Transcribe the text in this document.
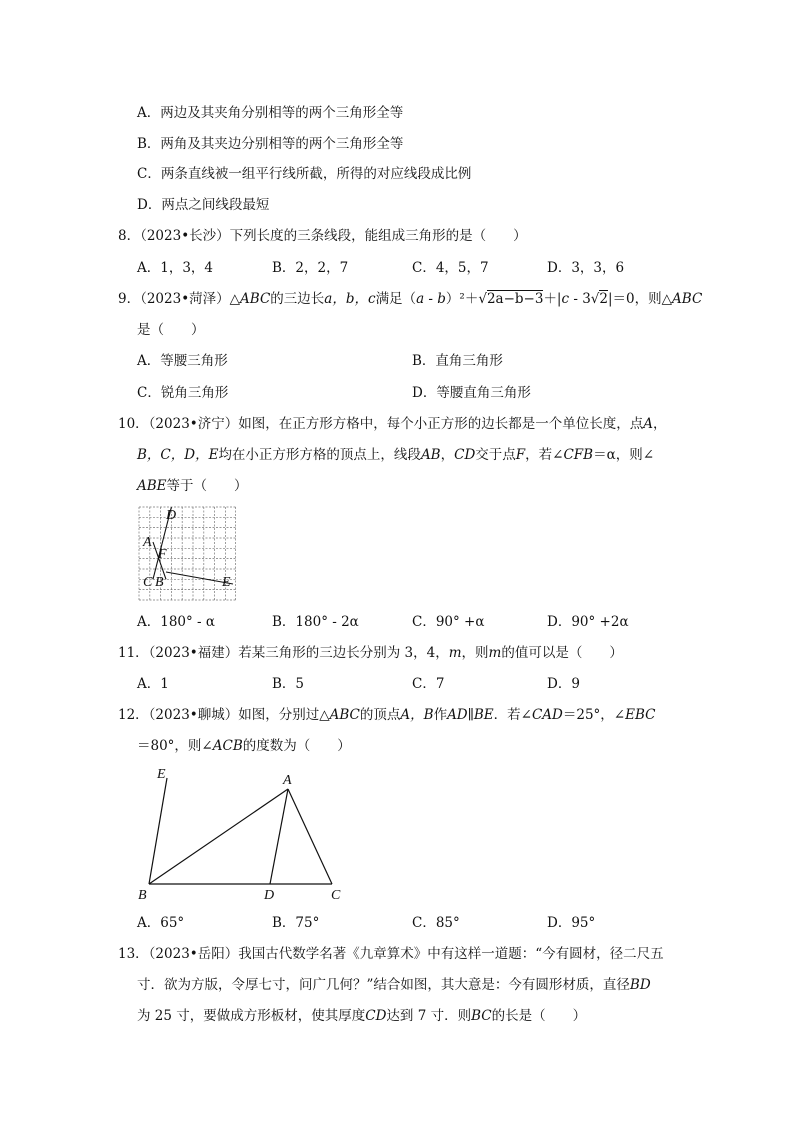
A．两边及其夹角分别相等的两个三角形全等
B．两角及其夹边分别相等的两个三角形全等
C．两条直线被一组平行线所截，所得的对应线段成比例
D．两点之间线段最短
8．（2023•长沙）下列长度的三条线段，能组成三角形的是（　　）
A．1，3，4	B．2，2，7	C．4，5，7	D．3，3，6
9．（2023•菏泽）△ABC的三边长a，b，c满足（a - b）²＋√2a−b−3＋|c - 3√2|＝0，则△ABC
是（　　）
A．等腰三角形	B．直角三角形
C．锐角三角形	D．等腰直角三角形
10．（2023•济宁）如图，在正方形方格中，每个小正方形的边长都是一个单位长度，点A，
B，C，D，E均在小正方形方格的顶点上，线段AB，CD交于点F，若∠CFB＝α，则∠
ABE等于（　　）
D
A
F
C B	E
A．180° - α	B．180° - 2α	C．90° +α	D．90° +2α
11．（2023•福建）若某三角形的三边长分别为 3，4，m，则m的值可以是（　　）
A．1	B．5	C．7	D．9
12．（2023•聊城）如图，分别过△ABC的顶点A，B作AD∥BE．若∠CAD＝25°，∠EBC
＝80°，则∠ACB的度数为（　　）
E	A
B	D	C
A．65°	B．75°	C．85°	D．95°
13．（2023•岳阳）我国古代数学名著《九章算术》中有这样一道题：“今有圆材，径二尺五
寸．欲为方版，令厚七寸，问广几何？”结合如图，其大意是：今有圆形材质，直径BD
为 25 寸，要做成方形板材，使其厚度CD达到 7 寸．则BC的长是（　　）
